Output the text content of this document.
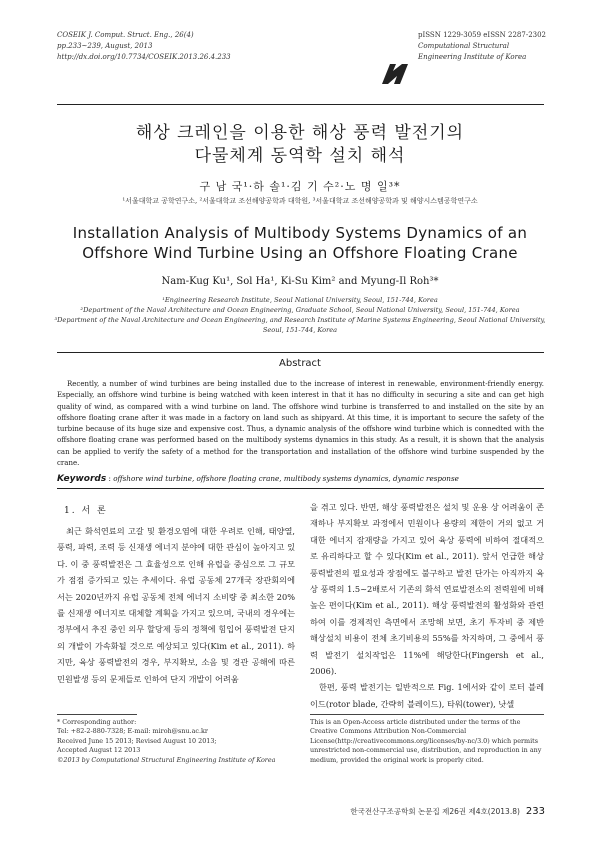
COSEIK J. Comput. Struct. Eng., 26(4)
pp.233~239, August, 2013
http://dx.doi.org/10.7734/COSEIK.2013.26.4.233
pISSN 1229-3059 eISSN 2287-2302
Computational Structural
Engineering Institute of Korea
해상 크레인을 이용한 해상 풍력 발전기의
다물체계 동역학 설치 해석
구 남 국¹·하 솔¹·김 기 수²·노 명 일³*
¹서울대학교 공학연구소, ²서울대학교 조선해양공학과 대학원, ³서울대학교 조선해양공학과 및 해양시스템공학연구소
Installation Analysis of Multibody Systems Dynamics of an
Offshore Wind Turbine Using an Offshore Floating Crane
Nam-Kug Ku¹, Sol Ha¹, Ki-Su Kim² and Myung-Il Roh³*
¹Engineering Research Institute, Seoul National University, Seoul, 151-744, Korea
²Department of the Naval Architecture and Ocean Engineering, Graduate School, Seoul National University, Seoul, 151-744, Korea
³Department of the Naval Architecture and Ocean Engineering, and Research Institute of Marine Systems Engineering, Seoul National University, Seoul, 151-744, Korea
Abstract
Recently, a number of wind turbines are being installed due to the increase of interest in renewable, environment-friendly energy. Especially, an offshore wind turbine is being watched with keen interest in that it has no difficulty in securing a site and can get high quality of wind, as compared with a wind turbine on land. The offshore wind turbine is transferred to and installed on the site by an offshore floating crane after it was made in a factory on land such as shipyard. At this time, it is important to secure the safety of the turbine because of its huge size and expensive cost. Thus, a dynamic analysis of the offshore wind turbine which is connedted with the offshore floating crane was performed based on the multibody systems dynamics in this study. As a result, it is shown that the analysis can be applied to verify the safety of a method for the transportation and installation of the offshore wind turbine suspended by the crane.
Keywords : offshore wind turbine, offshore floating crane, multibody systems dynamics, dynamic response
1. 서 론

최근 화석연료의 고갈 및 환경오염에 대한 우려로 인해, 태양열, 풍력, 파력, 조력 등 신재생 에너지 분야에 대한 관심이 높아지고 있다. 이 중 풍력발전은 그 효율성으로 인해 유럽을 중심으로 그 규모가 점점 증가되고 있는 추세이다. 유럽 공동체 27개국 장관회의에서는 2020년까지 유럽 공동체 전체 에너지 소비량 중 최소한 20%를 신재생 에너지로 대체할 계획을 가지고 있으며, 국내의 경우에는 정부에서 추진 중인 의무 할당제 등의 정책에 힘입어 풍력발전 단지의 개발이 가속화될 것으로 예상되고 있다(Kim et al., 2011). 하지만, 육상 풍력발전의 경우, 부지확보, 소음 및 경관 공해에 따른 민원발생 등의 문제들로 인하여 단지 개발이 어려움

을 겪고 있다. 반면, 해상 풍력발전은 설치 및 운용 상 어려움이 존재하나 부지확보 과정에서 민원이나 용량의 제한이 거의 없고 거대한 에너지 잠재량을 가지고 있어 육상 풍력에 비하여 절대적으로 유리하다고 할 수 있다(Kim et al., 2011). 앞서 언급한 해상 풍력발전의 필요성과 장점에도 불구하고 발전 단가는 아직까지 육상 풍력의 1.5~2배로서 기존의 화석 연료발전소의 전력원에 비해 높은 편이다(Kim et al., 2011). 해상 풍력발전의 활성화와 관련하여 이를 경제적인 측면에서 조망해 보면, 초기 투자비 중 제반 해상설치 비용이 전체 초기비용의 55%를 차지하며, 그 중에서 풍력 발전기 설치작업은 11%에 해당한다(Fingersh et al., 2006).

한편, 풍력 발전기는 일반적으로 Fig. 1에서와 같이 로터 블레이드(rotor blade, 간략히 블레이드), 타워(tower), 낫셀

한국전산구조공학회 논문집 제26권 제4호(2013.8) 233
* Corresponding author:
Tel: +82-2-880-7328; E-mail: miroh@snu.ac.kr
Received June 15 2013; Revised August 10 2013;
Accepted August 12 2013
©2013 by Computational Structural Engineering Institute of Korea
This is an Open-Access article distributed under the terms of the Creative Commons Attribution Non-Commercial License(http://creativecommons.org/licenses/by-nc/3.0) which permits unrestricted non-commercial use, distribution, and reproduction in any medium, provided the original work is properly cited.
